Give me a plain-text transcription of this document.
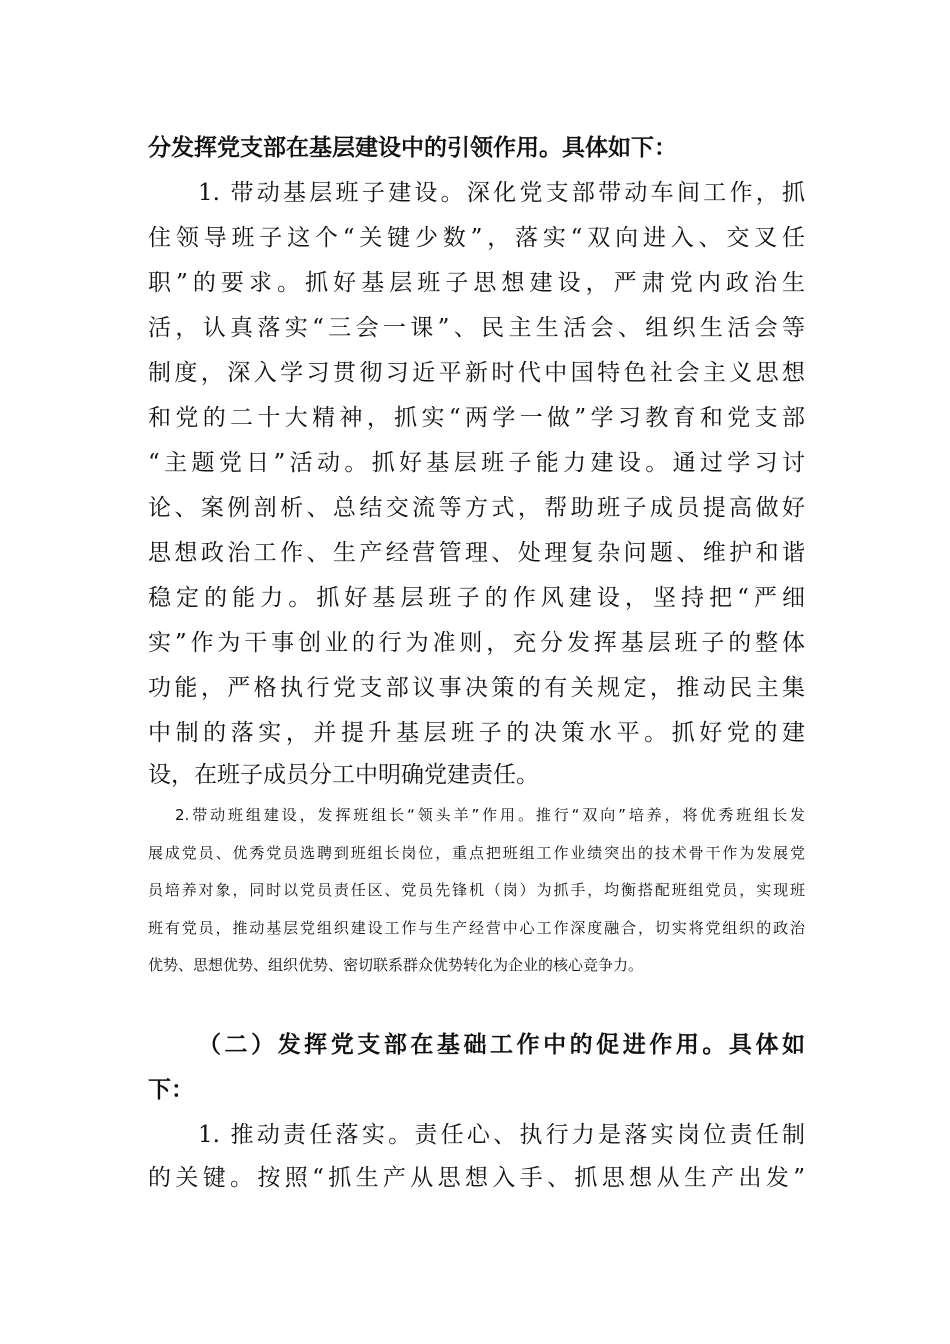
分发挥党支部在基层建设中的引领作用。具体如下：
1. 带动基层班子建设。深化党支部带动车间工作，抓
住领导班子这个“关键少数”，落实“双向进入、交叉任
职”的要求。抓好基层班子思想建设，严肃党内政治生
活，认真落实“三会一课”、民主生活会、组织生活会等
制度，深入学习贯彻习近平新时代中国特色社会主义思想
和党的二十大精神，抓实“两学一做”学习教育和党支部
“主题党日”活动。抓好基层班子能力建设。通过学习讨
论、案例剖析、总结交流等方式，帮助班子成员提高做好
思想政治工作、生产经营管理、处理复杂问题、维护和谐
稳定的能力。抓好基层班子的作风建设，坚持把“严细
实”作为干事创业的行为准则，充分发挥基层班子的整体
功能，严格执行党支部议事决策的有关规定，推动民主集
中制的落实，并提升基层班子的决策水平。抓好党的建
设，在班子成员分工中明确党建责任。
2.带动班组建设，发挥班组长“领头羊”作用。推行“双向”培养，将优秀班组长发
展成党员、优秀党员选聘到班组长岗位，重点把班组工作业绩突出的技术骨干作为发展党
员培养对象，同时以党员责任区、党员先锋机（岗）为抓手，均衡搭配班组党员，实现班
班有党员，推动基层党组织建设工作与生产经营中心工作深度融合，切实将党组织的政治
优势、思想优势、组织优势、密切联系群众优势转化为企业的核心竞争力。
（二）发挥党支部在基础工作中的促进作用。具体如
下：
1. 推动责任落实。责任心、执行力是落实岗位责任制
的关键。按照“抓生产从思想入手、抓思想从生产出发”
